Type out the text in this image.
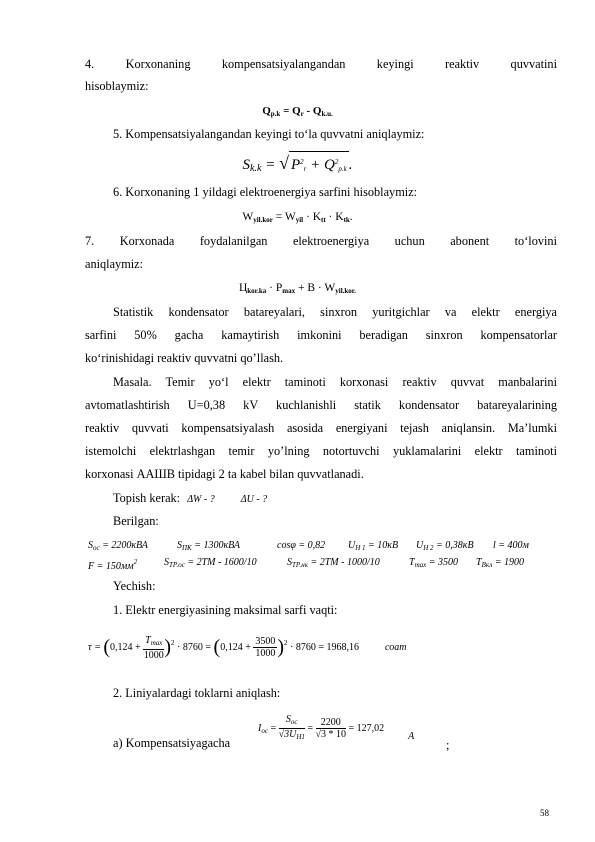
4. Korxonaning kompensatsiyalangandan keyingi reaktiv quvvatini
hisoblaymiz:
$Q_{p.k} = Q_r - Q_{k.u.}$
5. Kompensatsiyalangandan keyingi to‘la quvvatni aniqlaymiz:
$S_{k.k}$ = √ $P^2_r + Q^2_{p.k}$ .
6. Korxonaning 1 yildagi elektroenergiya sarfini hisoblaymiz:
$W_{yil.kor} = W_{yil} \cdot K_{tt} \cdot K_{tk}$.
7. Korxonada foydalanilgan elektroenergiya uchun abonent to‘lovini
aniqlaymiz:
$Ц_{kor.ka} \cdot P_{max} + B \cdot W_{yil.kor.}$
Statistik kondensator batareyalari, sinxron yuritgichlar va elektr energiya
sarfini 50% gacha kamaytirish imkonini beradigan sinxron kompensatorlar
ko‘rinishidagi reaktiv quvvatni qo’llash.
Masala. Temir yo‘l elektr taminoti korxonasi reaktiv quvvat manbalarini
avtomatlashtirish U=0,38 kV kuchlanishli statik kondensator batareyalarining
reaktiv quvvati kompensatsiyalash asosida energiyani tejash aniqlansin. Ma’lumki
istemolchi elektrlashgan temir yo’lning notortuvchi yuklamalarini elektr taminoti
korxonasi ААШВ tipidagi 2 ta kabel bilan quvvatlanadi.
Topish kerak: ΔW - ?	ΔU - ?
Berilgan:
$S_{ос} = 2200кВА$	$S_{ПК} = 1300кВА$	cosφ = 0,82 $U_{Н 1} = 10кВ$ $U_{Н 2} = 0,38кВ$ l = 400м
$F = 150мм^2$	$S_{ТР.ос} = 2ТМ - 1600/10$	$S_{ТР.нк} = 2ТМ - 1000/10$	$T_{max} = 3500$ $T_{Вкл} = 1900$
Yechish:
1. Elektr energiyasining maksimal sarfi vaqti:
$\tau = (0,124 + \frac{T_{max}}{1000} )^2 \cdot 8760 = (0,124 + \frac{3500}{1000} )^2 \cdot 8760 = 1968,16$	соат
2. Liniyalardagi toklarni aniqlash:
a) Kompensatsiyagacha
$I_{ос} = \frac{S_{ос}}{√3U_{Н1}} = \frac{2200}{√3 * 10} = 127,02A$
;
58
